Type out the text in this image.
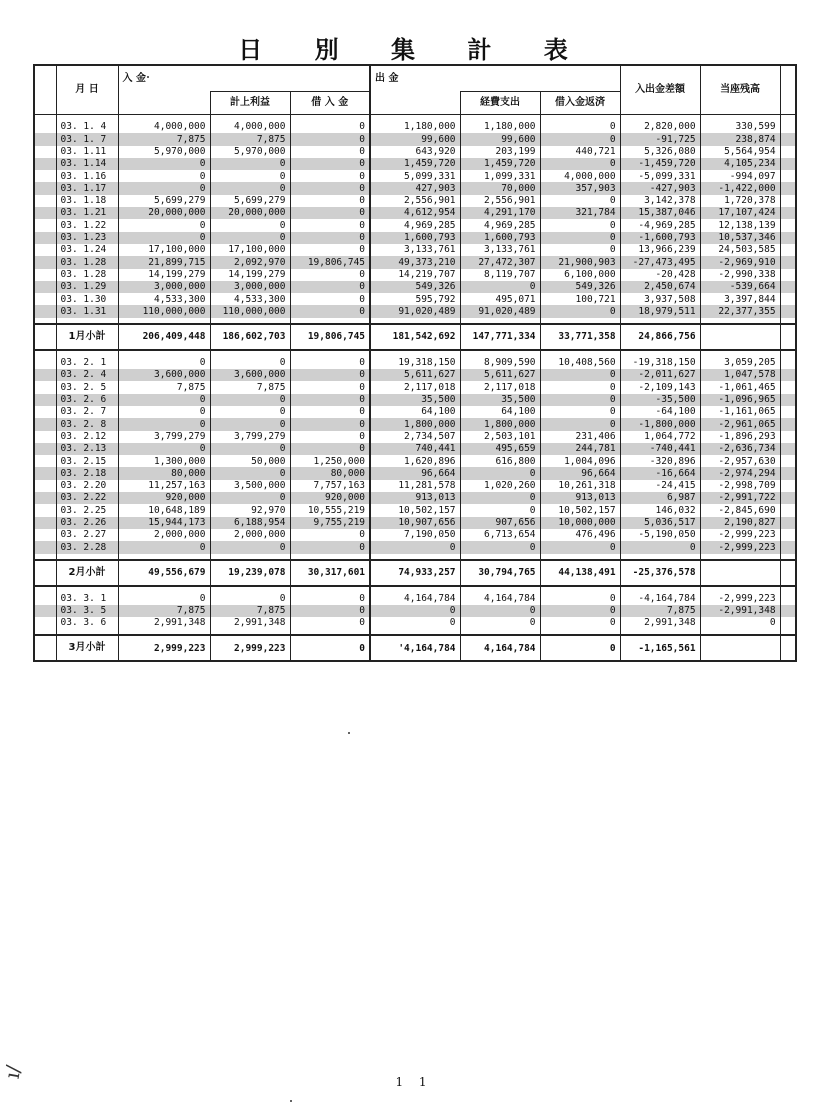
日 別 集 計 表
	月 日	入 金			出 金			入出金差額	当座残高	
			計上利益	借 入 金		経費支出	借入金返済			

	03. 1. 4	4,000,000	4,000,000	0	1,180,000	1,180,000	0	2,820,000	330,599	
	03. 1. 7	7,875	7,875	0	99,600	99,600	0	-91,725	238,874	
	03. 1.11	5,970,000	5,970,000	0	643,920	203,199	440,721	5,326,080	5,564,954	
	03. 1.14	0	0	0	1,459,720	1,459,720	0	-1,459,720	4,105,234	
	03. 1.16	0	0	0	5,099,331	1,099,331	4,000,000	-5,099,331	-994,097	
	03. 1.17	0	0	0	427,903	70,000	357,903	-427,903	-1,422,000	
	03. 1.18	5,699,279	5,699,279	0	2,556,901	2,556,901	0	3,142,378	1,720,378	
	03. 1.21	20,000,000	20,000,000	0	4,612,954	4,291,170	321,784	15,387,046	17,107,424	
	03. 1.22	0	0	0	4,969,285	4,969,285	0	-4,969,285	12,138,139	
	03. 1.23	0	0	0	1,600,793	1,600,793	0	-1,600,793	10,537,346	
	03. 1.24	17,100,000	17,100,000	0	3,133,761	3,133,761	0	13,966,239	24,503,585	
	03. 1.28	21,899,715	2,092,970	19,806,745	49,373,210	27,472,307	21,900,903	-27,473,495	-2,969,910	
	03. 1.28	14,199,279	14,199,279	0	14,219,707	8,119,707	6,100,000	-20,428	-2,990,338	
	03. 1.29	3,000,000	3,000,000	0	549,326	0	549,326	2,450,674	-539,664	
	03. 1.30	4,533,300	4,533,300	0	595,792	495,071	100,721	3,937,508	3,397,844	
	03. 1.31	110,000,000	110,000,000	0	91,020,489	91,020,489	0	18,979,511	22,377,355	

	1月小計	206,409,448	186,602,703	19,806,745	181,542,692	147,771,334	33,771,358	24,866,756		

	03. 2. 1	0	0	0	19,318,150	8,909,590	10,408,560	-19,318,150	3,059,205	
	03. 2. 4	3,600,000	3,600,000	0	5,611,627	5,611,627	0	-2,011,627	1,047,578	
	03. 2. 5	7,875	7,875	0	2,117,018	2,117,018	0	-2,109,143	-1,061,465	
	03. 2. 6	0	0	0	35,500	35,500	0	-35,500	-1,096,965	
	03. 2. 7	0	0	0	64,100	64,100	0	-64,100	-1,161,065	
	03. 2. 8	0	0	0	1,800,000	1,800,000	0	-1,800,000	-2,961,065	
	03. 2.12	3,799,279	3,799,279	0	2,734,507	2,503,101	231,406	1,064,772	-1,896,293	
	03. 2.13	0	0	0	740,441	495,659	244,781	-740,441	-2,636,734	
	03. 2.15	1,300,000	50,000	1,250,000	1,620,896	616,800	1,004,096	-320,896	-2,957,630	
	03. 2.18	80,000	0	80,000	96,664	0	96,664	-16,664	-2,974,294	
	03. 2.20	11,257,163	3,500,000	7,757,163	11,281,578	1,020,260	10,261,318	-24,415	-2,998,709	
	03. 2.22	920,000	0	920,000	913,013	0	913,013	6,987	-2,991,722	
	03. 2.25	10,648,189	92,970	10,555,219	10,502,157	0	10,502,157	146,032	-2,845,690	
	03. 2.26	15,944,173	6,188,954	9,755,219	10,907,656	907,656	10,000,000	5,036,517	2,190,827	
	03. 2.27	2,000,000	2,000,000	0	7,190,050	6,713,654	476,496	-5,190,050	-2,999,223	
	03. 2.28	0	0	0	0	0	0	0	-2,999,223	

	2月小計	49,556,679	19,239,078	30,317,601	74,933,257	30,794,765	44,138,491	-25,376,578		

	03. 3. 1	0	0	0	4,164,784	4,164,784	0	-4,164,784	-2,999,223	
	03. 3. 5	7,875	7,875	0	0	0	0	7,875	-2,991,348	
	03. 3. 6	2,991,348	2,991,348	0	0	0	0	2,991,348	0	

	3月小計	2,999,223	2,999,223	0	'4,164,784	4,164,784	0	-1,165,561		
1 1
ı/
